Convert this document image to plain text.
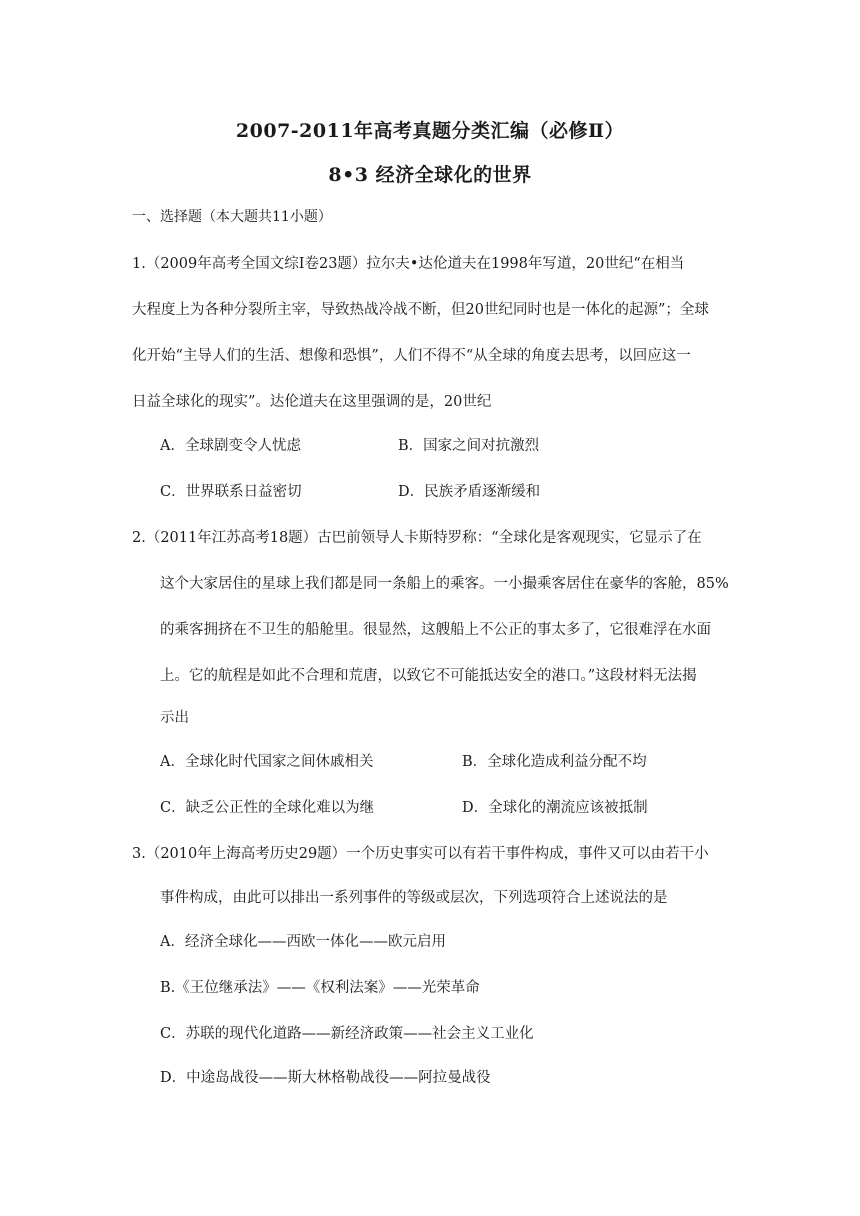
2007-2011年高考真题分类汇编（必修Ⅱ）
8•3 经济全球化的世界
一、选择题（本大题共11小题）
1.（2009年高考全国文综Ⅰ卷23题）拉尔夫•达伦道夫在1998年写道，20世纪“在相当
大程度上为各种分裂所主宰，导致热战冷战不断，但20世纪同时也是一体化的起源”；全球
化开始“主导人们的生活、想像和恐惧”，人们不得不“从全球的角度去思考，以回应这一
日益全球化的现实”。达伦道夫在这里强调的是，20世纪
A．全球剧变令人忧虑	B．国家之间对抗激烈
C．世界联系日益密切	D．民族矛盾逐渐缓和
2.（2011年江苏高考18题）古巴前领导人卡斯特罗称：“全球化是客观现实，它显示了在
这个大家居住的星球上我们都是同一条船上的乘客。一小撮乘客居住在豪华的客舱，85%
的乘客拥挤在不卫生的船舱里。很显然，这艘船上不公正的事太多了，它很难浮在水面
上。它的航程是如此不合理和荒唐，以致它不可能抵达安全的港口。”这段材料无法揭
示出
A．全球化时代国家之间休戚相关	B．全球化造成利益分配不均
C．缺乏公正性的全球化难以为继	D．全球化的潮流应该被抵制
3.（2010年上海高考历史29题）一个历史事实可以有若干事件构成，事件又可以由若干小
事件构成，由此可以排出一系列事件的等级或层次，下列选项符合上述说法的是
A．经济全球化——西欧一体化——欧元启用
B.《王位继承法》——《权利法案》——光荣革命
C．苏联的现代化道路——新经济政策——社会主义工业化
D．中途岛战役——斯大林格勒战役——阿拉曼战役
